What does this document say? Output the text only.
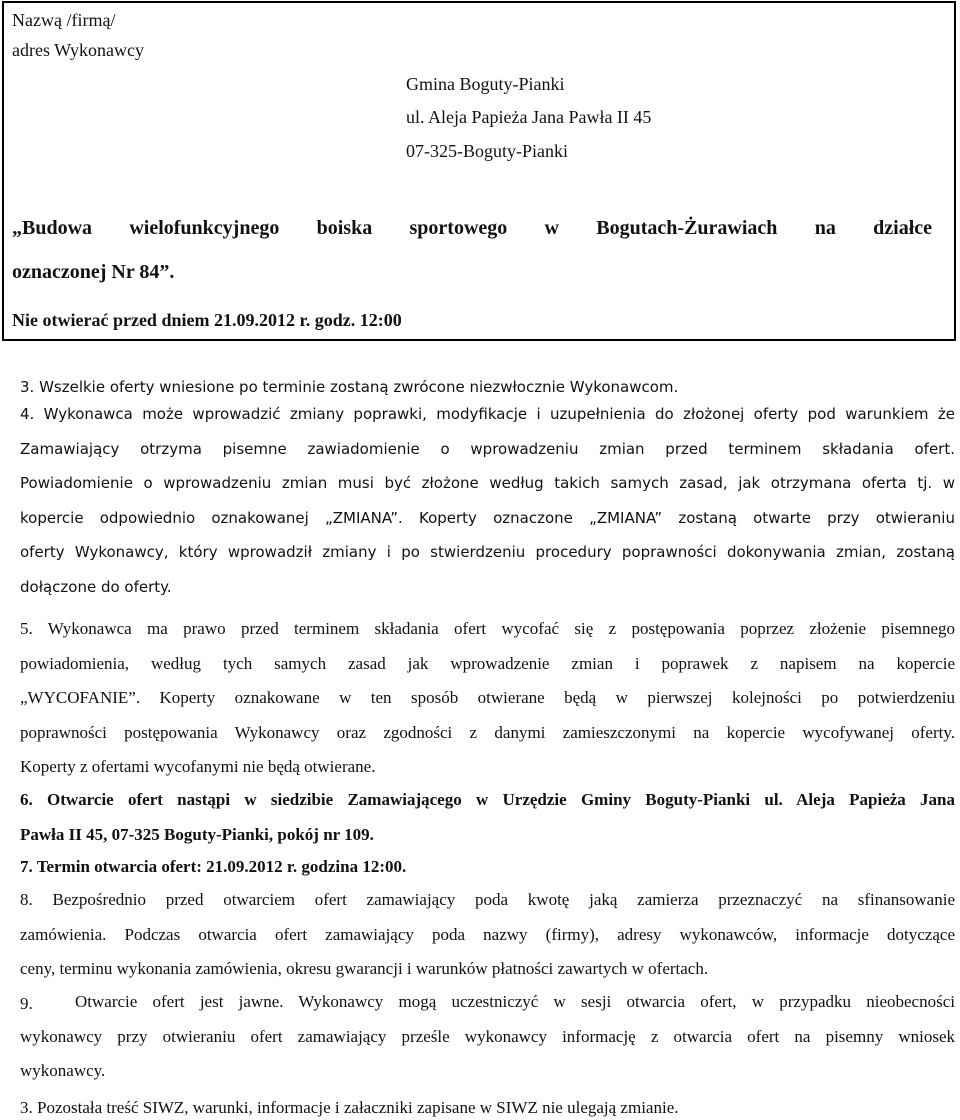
Nazwą /firmą/
adres Wykonawcy
Gmina Boguty-Pianki
ul. Aleja Papieża Jana Pawła II 45
07-325-Boguty-Pianki
„Budowa wielofunkcyjnego boiska sportowego w Bogutach-Żurawiach na działce
oznaczonej Nr 84”.
Nie otwierać przed dniem 21.09.2012 r. godz. 12:00
3. Wszelkie oferty wniesione po terminie zostaną zwrócone niezwłocznie Wykonawcom.
4. Wykonawca może wprowadzić zmiany poprawki, modyfikacje i uzupełnienia do złożonej oferty pod warunkiem że
Zamawiający otrzyma pisemne zawiadomienie o wprowadzeniu zmian przed terminem składania ofert.
Powiadomienie o wprowadzeniu zmian musi być złożone według takich samych zasad, jak otrzymana oferta tj. w
kopercie odpowiednio oznakowanej „ZMIANA”. Koperty oznaczone „ZMIANA” zostaną otwarte przy otwieraniu
oferty Wykonawcy, który wprowadził zmiany i po stwierdzeniu procedury poprawności dokonywania zmian, zostaną
dołączone do oferty.
5. Wykonawca ma prawo przed terminem składania ofert wycofać się z postępowania poprzez złożenie pisemnego
powiadomienia, według tych samych zasad jak wprowadzenie zmian i poprawek z napisem na kopercie
„WYCOFANIE”. Koperty oznakowane w ten sposób otwierane będą w pierwszej kolejności po potwierdzeniu
poprawności postępowania Wykonawcy oraz zgodności z danymi zamieszczonymi na kopercie wycofywanej oferty.
Koperty z ofertami wycofanymi nie będą otwierane.
6. Otwarcie ofert nastąpi w siedzibie Zamawiającego w Urzędzie Gminy Boguty-Pianki ul. Aleja Papieża Jana
Pawła II 45, 07-325 Boguty-Pianki, pokój nr 109.
7. Termin otwarcia ofert: 21.09.2012 r. godzina 12:00.
8. Bezpośrednio przed otwarciem ofert zamawiający poda kwotę jaką zamierza przeznaczyć na sfinansowanie
zamówienia. Podczas otwarcia ofert zamawiający poda nazwy (firmy), adresy wykonawców, informacje dotyczące
ceny, terminu wykonania zamówienia, okresu gwarancji i warunków płatności zawartych w ofertach.
9.	Otwarcie ofert jest jawne. Wykonawcy mogą uczestniczyć w sesji otwarcia ofert, w przypadku nieobecności
wykonawcy przy otwieraniu ofert zamawiający prześle wykonawcy informację z otwarcia ofert na pisemny wniosek
wykonawcy.
3. Pozostała treść SIWZ, warunki, informacje i załaczniki zapisane w SIWZ nie ulegają zmianie.
